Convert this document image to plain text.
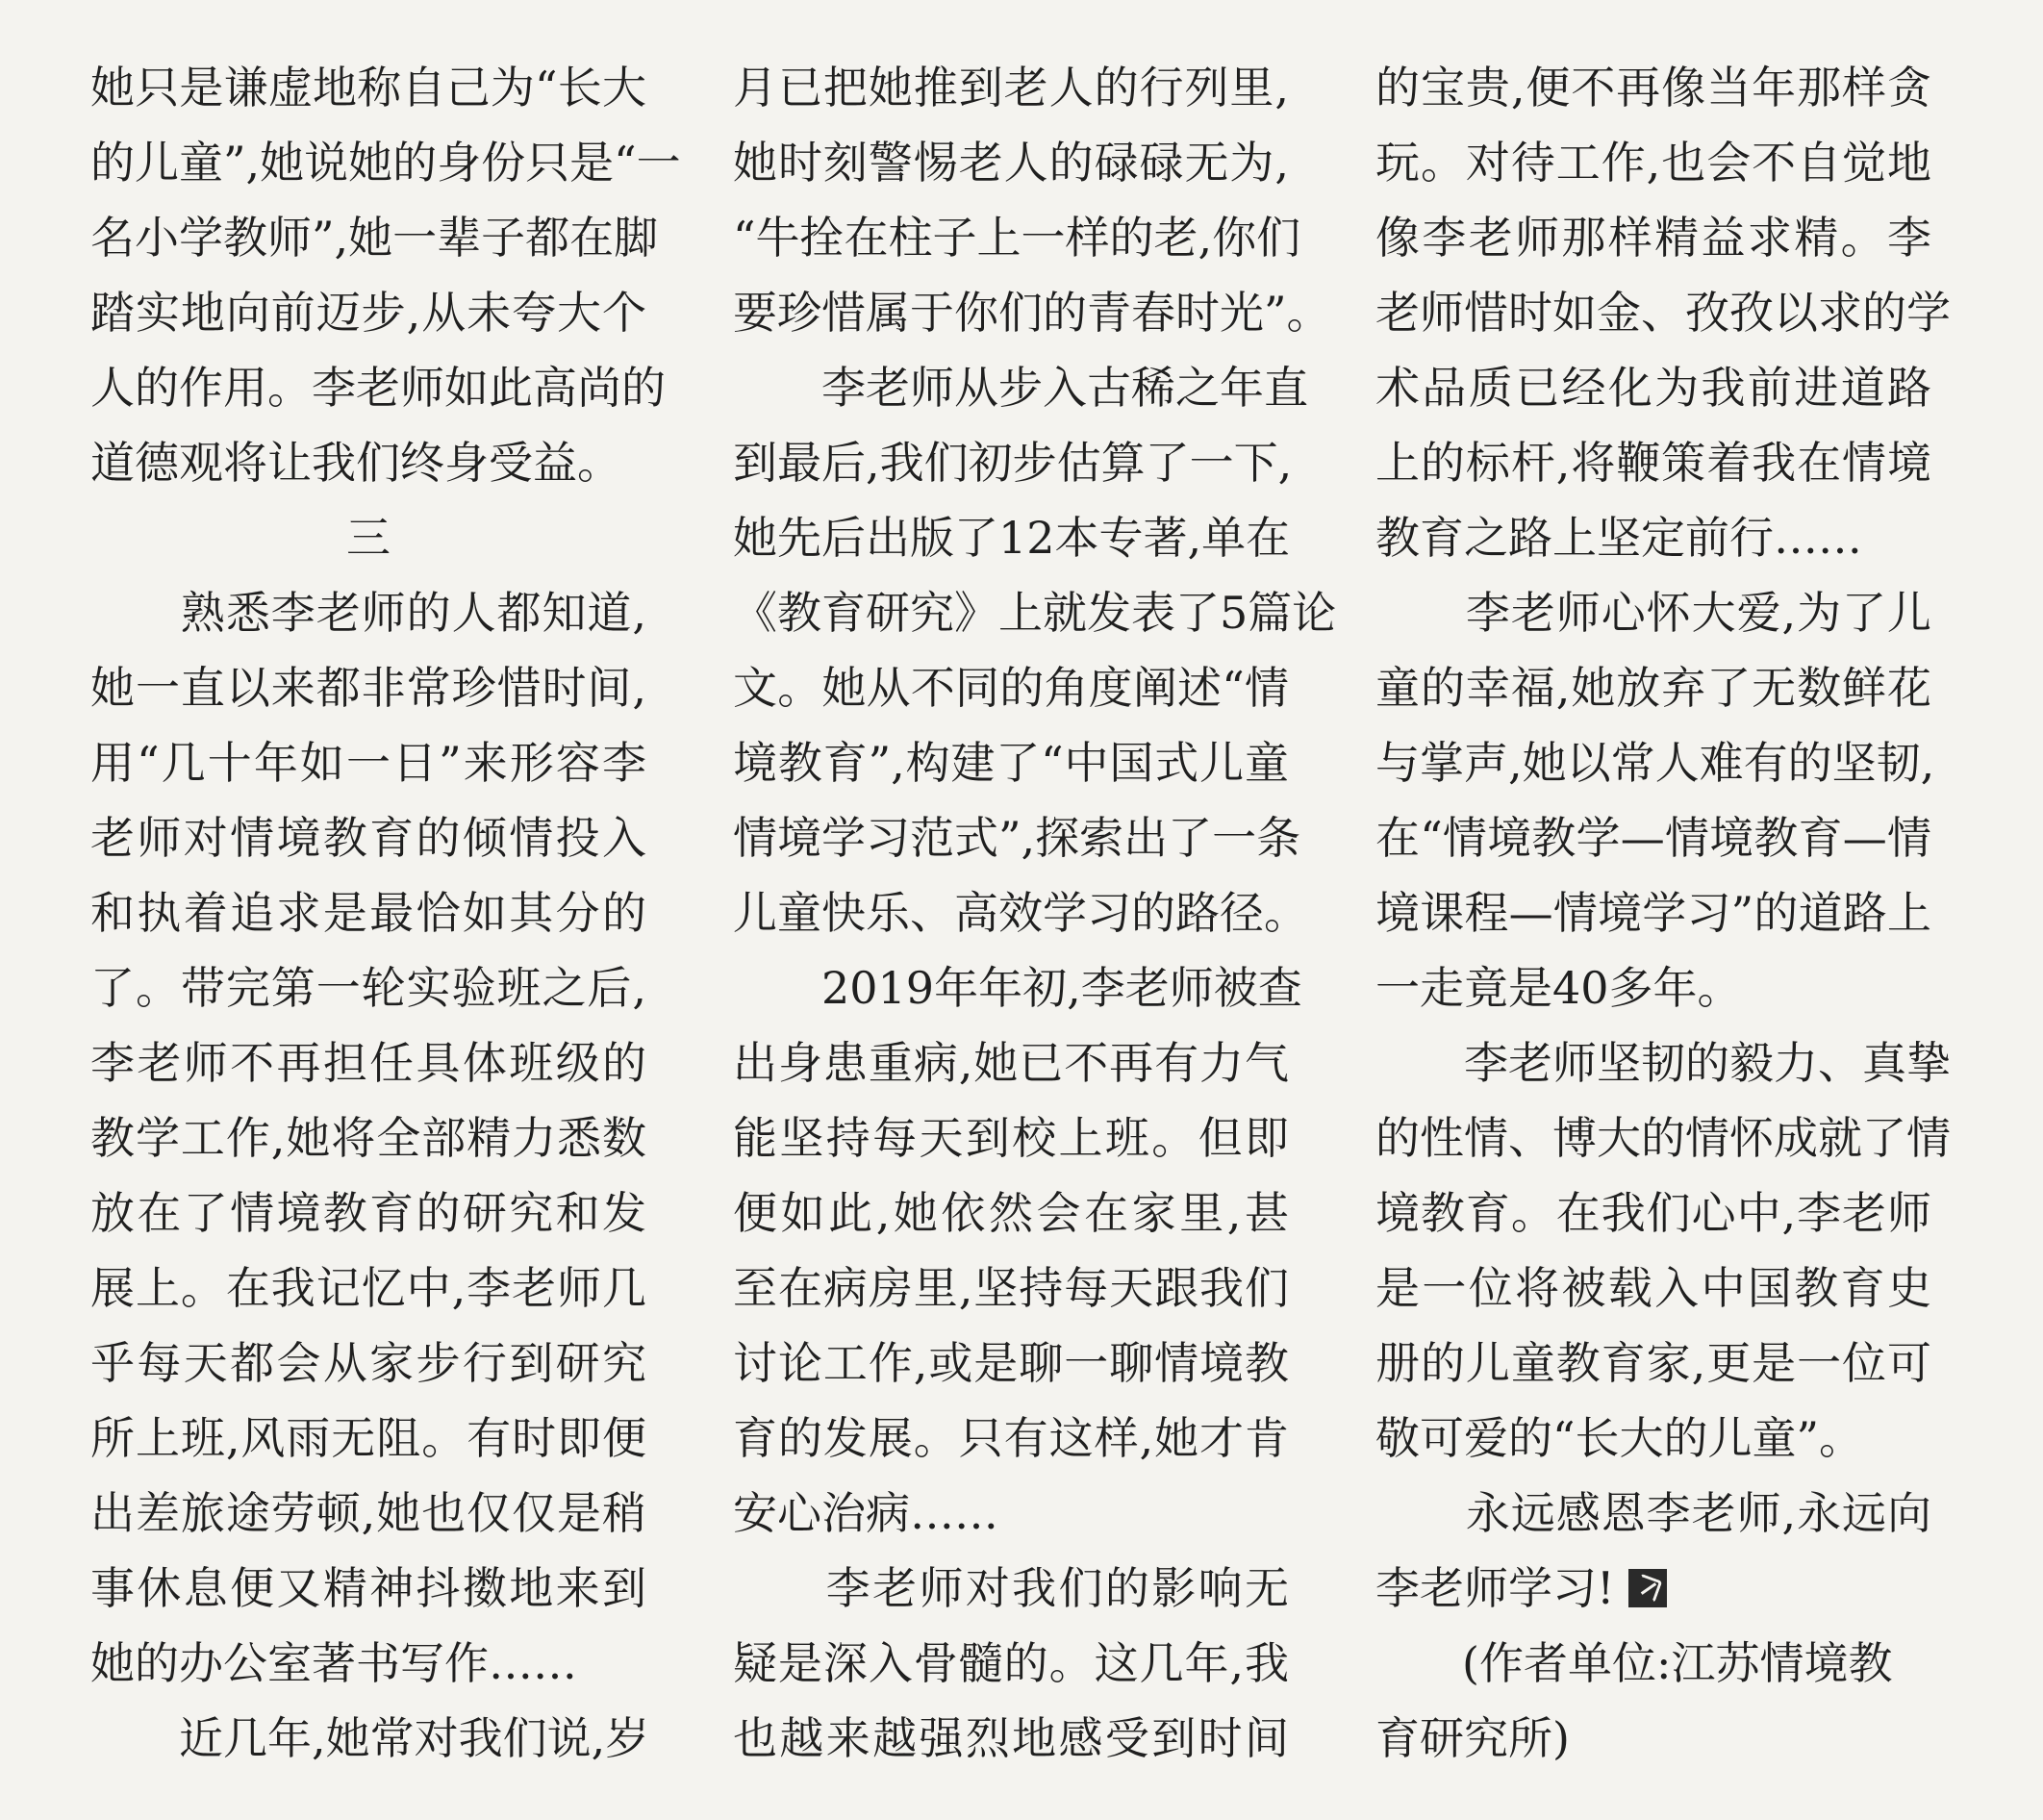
她只是谦虚地称自己为“长大
的儿童”,她说她的身份只是“一
名小学教师”,她一辈子都在脚
踏实地向前迈步,从未夸大个
人的作用。李老师如此高尚的
道德观将让我们终身受益。
三
　　熟悉李老师的人都知道,
她一直以来都非常珍惜时间,
用“几十年如一日”来形容李
老师对情境教育的倾情投入
和执着追求是最恰如其分的
了。带完第一轮实验班之后,
李老师不再担任具体班级的
教学工作,她将全部精力悉数
放在了情境教育的研究和发
展上。在我记忆中,李老师几
乎每天都会从家步行到研究
所上班,风雨无阻。有时即便
出差旅途劳顿,她也仅仅是稍
事休息便又精神抖擞地来到
她的办公室著书写作……
　　近几年,她常对我们说,岁
月已把她推到老人的行列里,
她时刻警惕老人的碌碌无为,
“牛拴在柱子上一样的老,你们
要珍惜属于你们的青春时光”。
　　李老师从步入古稀之年直
到最后,我们初步估算了一下,
她先后出版了12本专著,单在
《教育研究》上就发表了5篇论
文。她从不同的角度阐述“情
境教育”,构建了“中国式儿童
情境学习范式”,探索出了一条
儿童快乐、高效学习的路径。
　　2019年年初,李老师被查
出身患重病,她已不再有力气
能坚持每天到校上班。但即
便如此,她依然会在家里,甚
至在病房里,坚持每天跟我们
讨论工作,或是聊一聊情境教
育的发展。只有这样,她才肯
安心治病……
　　李老师对我们的影响无
疑是深入骨髓的。这几年,我
也越来越强烈地感受到时间
的宝贵,便不再像当年那样贪
玩。对待工作,也会不自觉地
像李老师那样精益求精。李
老师惜时如金、孜孜以求的学
术品质已经化为我前进道路
上的标杆,将鞭策着我在情境
教育之路上坚定前行……
　　李老师心怀大爱,为了儿
童的幸福,她放弃了无数鲜花
与掌声,她以常人难有的坚韧,
在“情境教学—情境教育—情
境课程—情境学习”的道路上
一走竟是40多年。
　　李老师坚韧的毅力、真挚
的性情、博大的情怀成就了情
境教育。在我们心中,李老师
是一位将被载入中国教育史
册的儿童教育家,更是一位可
敬可爱的“长大的儿童”。
　　永远感恩李老师,永远向
李老师学习!
(作者单位:江苏情境教
育研究所)
